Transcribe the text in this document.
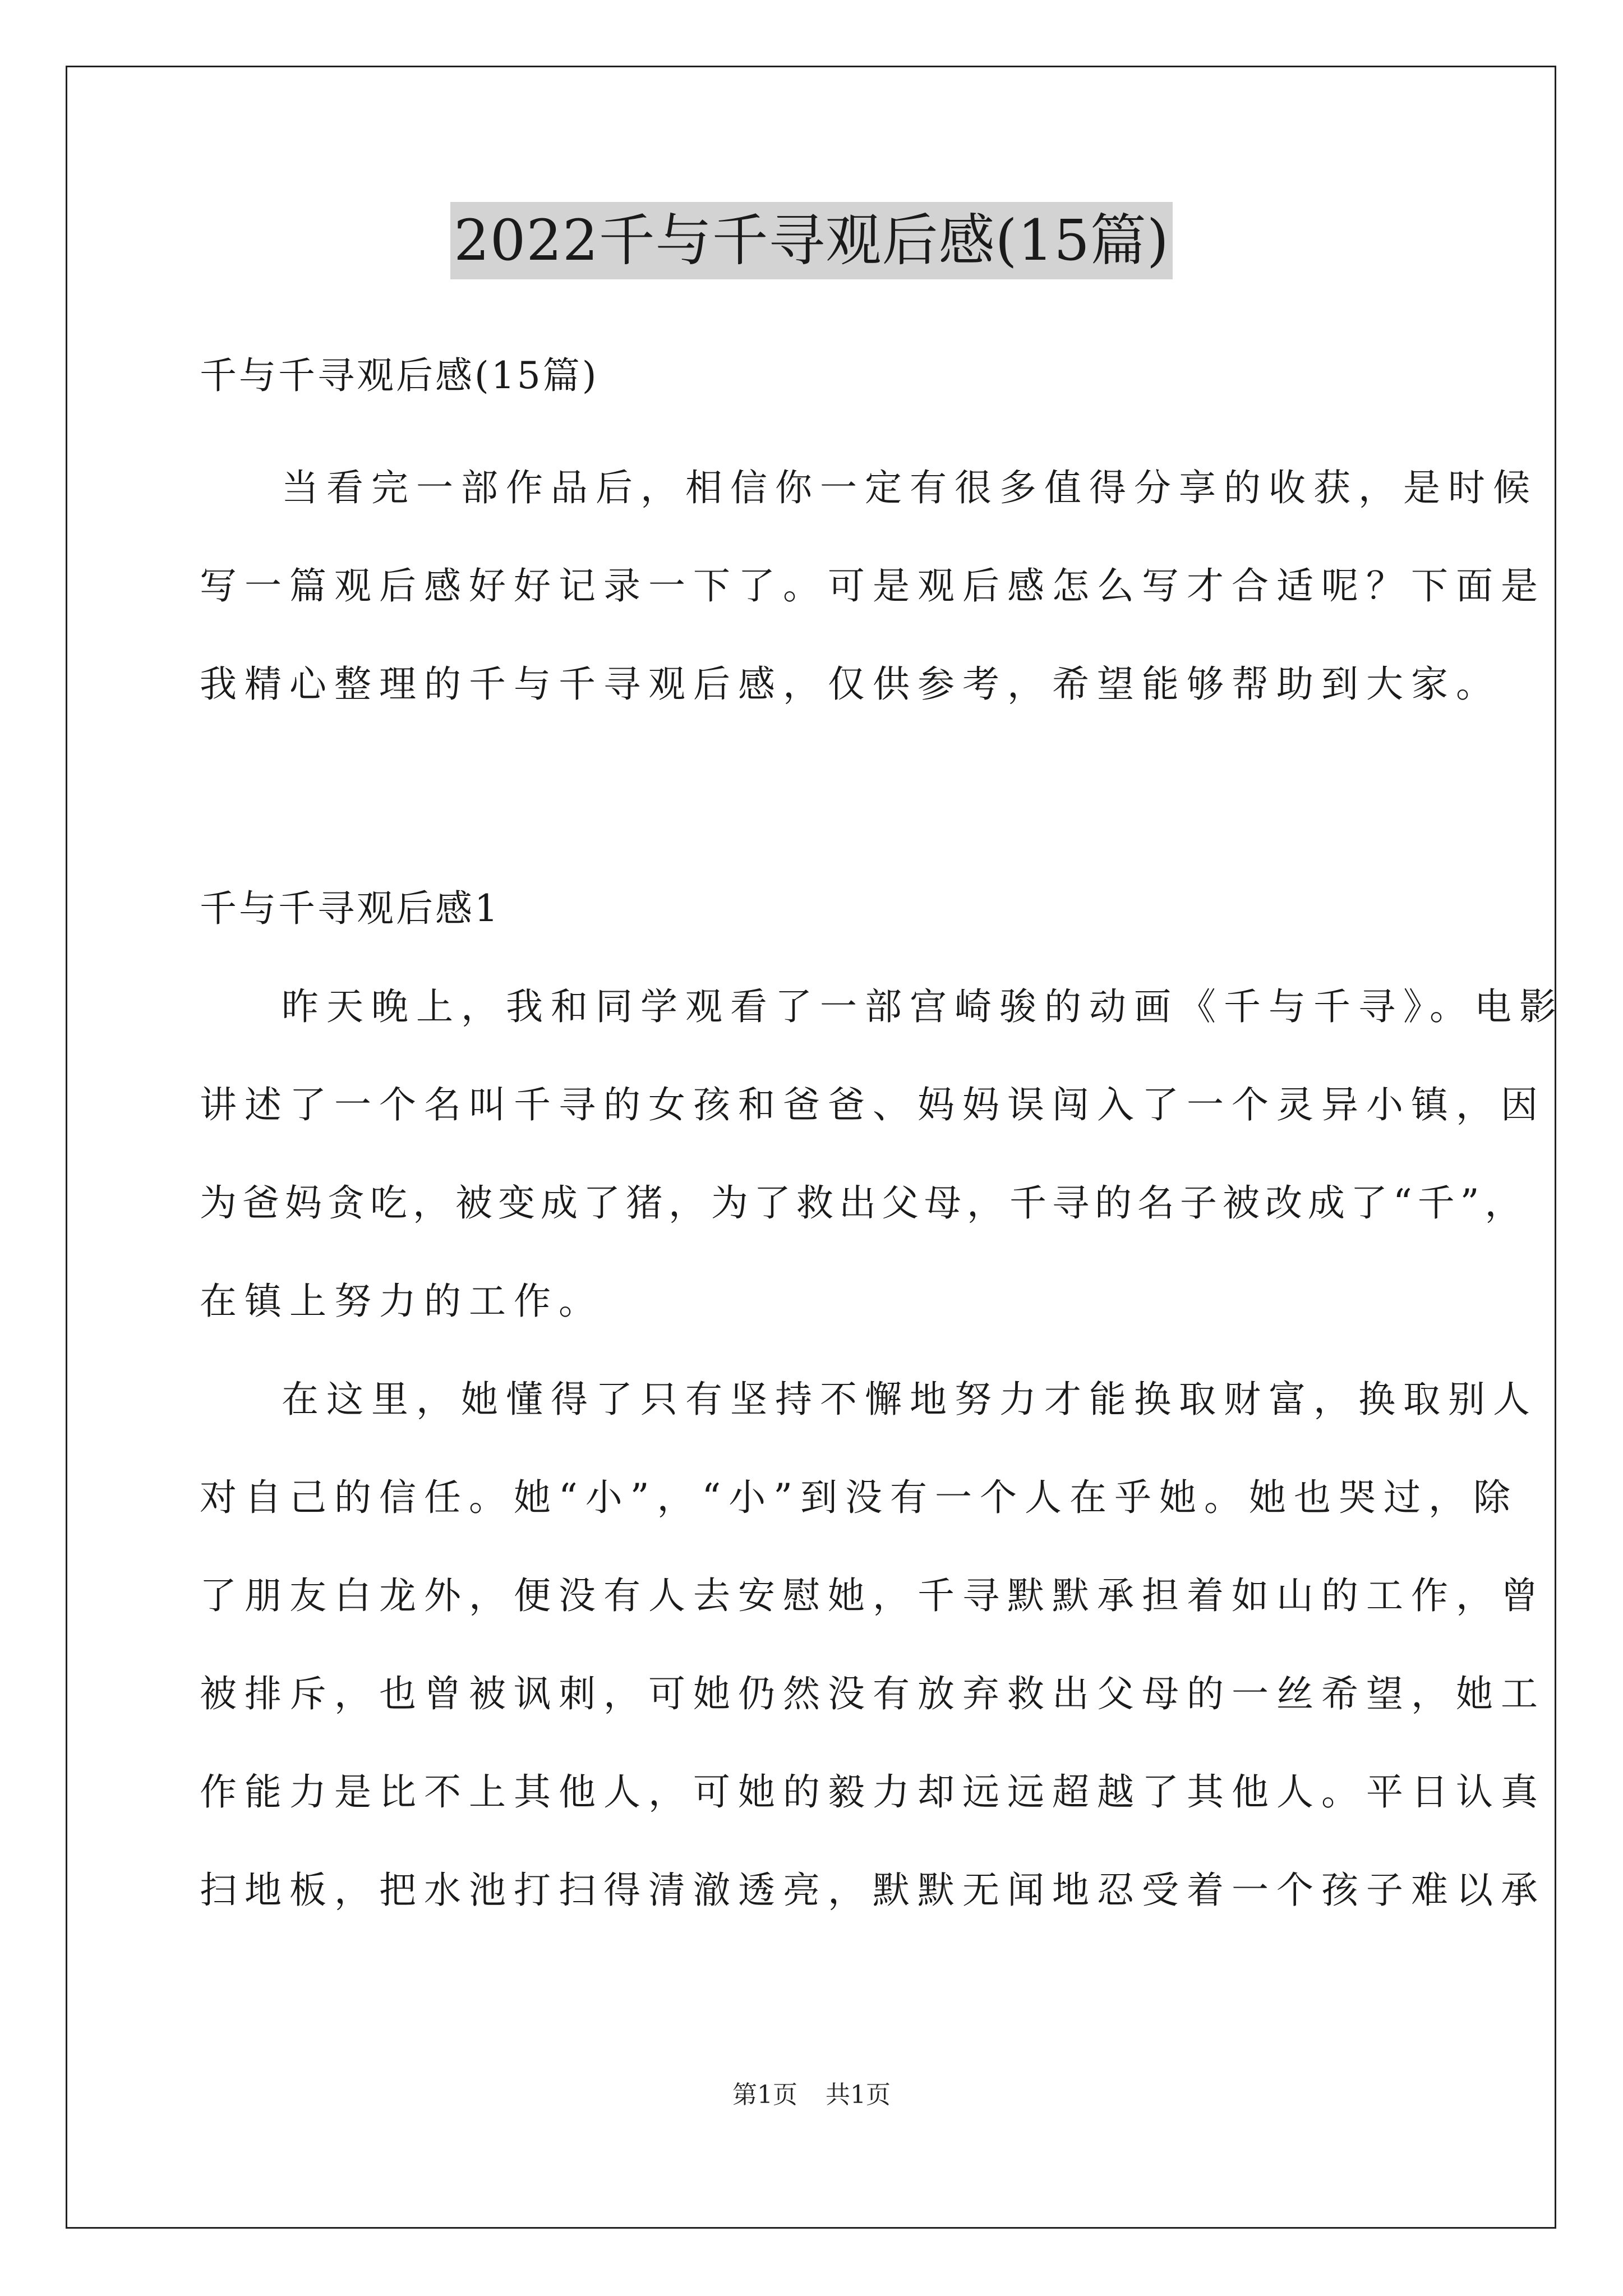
2022千与千寻观后感(15篇)
千与千寻观后感(15篇)
当看完一部作品后，相信你一定有很多值得分享的收获，是时候
写一篇观后感好好记录一下了。可是观后感怎么写才合适呢？下面是
我精心整理的千与千寻观后感，仅供参考，希望能够帮助到大家。
千与千寻观后感1
昨天晚上，我和同学观看了一部宫崎骏的动画《千与千寻》。电影
讲述了一个名叫千寻的女孩和爸爸、妈妈误闯入了一个灵异小镇，因
为爸妈贪吃，被变成了猪，为了救出父母，千寻的名子被改成了“千”，
在镇上努力的工作。
在这里，她懂得了只有坚持不懈地努力才能换取财富，换取别人
对自己的信任。她“小”，“小”到没有一个人在乎她。她也哭过，除
了朋友白龙外，便没有人去安慰她，千寻默默承担着如山的工作，曾
被排斥，也曾被讽刺，可她仍然没有放弃救出父母的一丝希望，她工
作能力是比不上其他人，可她的毅力却远远超越了其他人。平日认真
扫地板，把水池打扫得清澈透亮，默默无闻地忍受着一个孩子难以承
第1页 共1页
